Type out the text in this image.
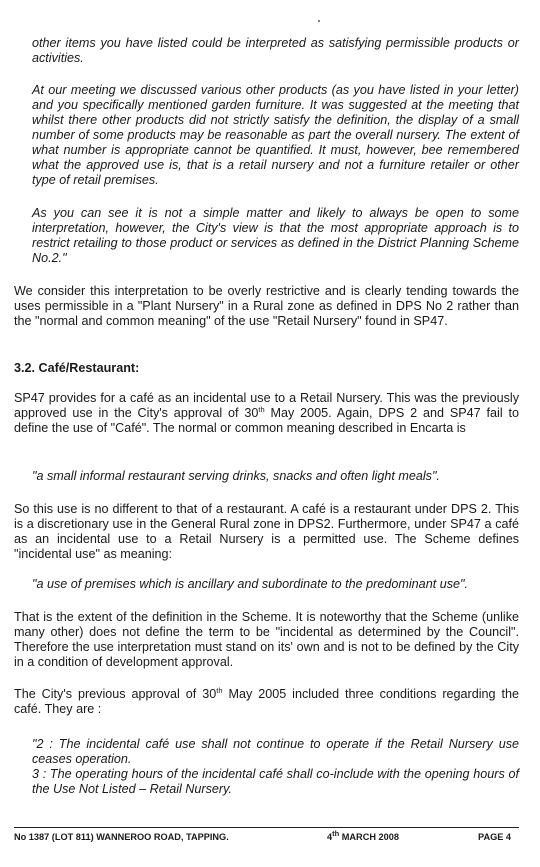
other items you have listed could be interpreted as satisfying permissible products or activities.

At our meeting we discussed various other products (as you have listed in your letter) and you specifically mentioned garden furniture. It was suggested at the meeting that whilst there other products did not strictly satisfy the definition, the display of a small number of some products may be reasonable as part the overall nursery. The extent of what number is appropriate cannot be quantified. It must, however, bee remembered what the approved use is, that is a retail nursery and not a furniture retailer or other type of retail premises.

As you can see it is not a simple matter and likely to always be open to some interpretation, however, the City's view is that the most appropriate approach is to restrict retailing to those product or services as defined in the District Planning Scheme No.2."

We consider this interpretation to be overly restrictive and is clearly tending towards the uses permissible in a "Plant Nursery" in a Rural zone as defined in DPS No 2 rather than the "normal and common meaning" of the use "Retail Nursery" found in SP47.

3.2. Café/Restaurant:

SP47 provides for a café as an incidental use to a Retail Nursery. This was the previously approved use in the City's approval of 30th May 2005. Again, DPS 2 and SP47 fail to define the use of "Café". The normal or common meaning described in Encarta is

"a small informal restaurant serving drinks, snacks and often light meals".

So this use is no different to that of a restaurant. A café is a restaurant under DPS 2. This is a discretionary use in the General Rural zone in DPS2. Furthermore, under SP47 a café as an incidental use to a Retail Nursery is a permitted use. The Scheme defines "incidental use" as meaning:

"a use of premises which is ancillary and subordinate to the predominant use".

That is the extent of the definition in the Scheme. It is noteworthy that the Scheme (unlike many other) does not define the term to be "incidental as determined by the Council". Therefore the use interpretation must stand on its' own and is not to be defined by the City in a condition of development approval.

The City's previous approval of 30th May 2005 included three conditions regarding the café. They are :

"2 : The incidental café use shall not continue to operate if the Retail Nursery use ceases operation.

3 : The operating hours of the incidental café shall co-include with the opening hours of the Use Not Listed – Retail Nursery.

No 1387 (LOT 811) WANNEROO ROAD, TAPPING.	4th MARCH 2008	PAGE 4
